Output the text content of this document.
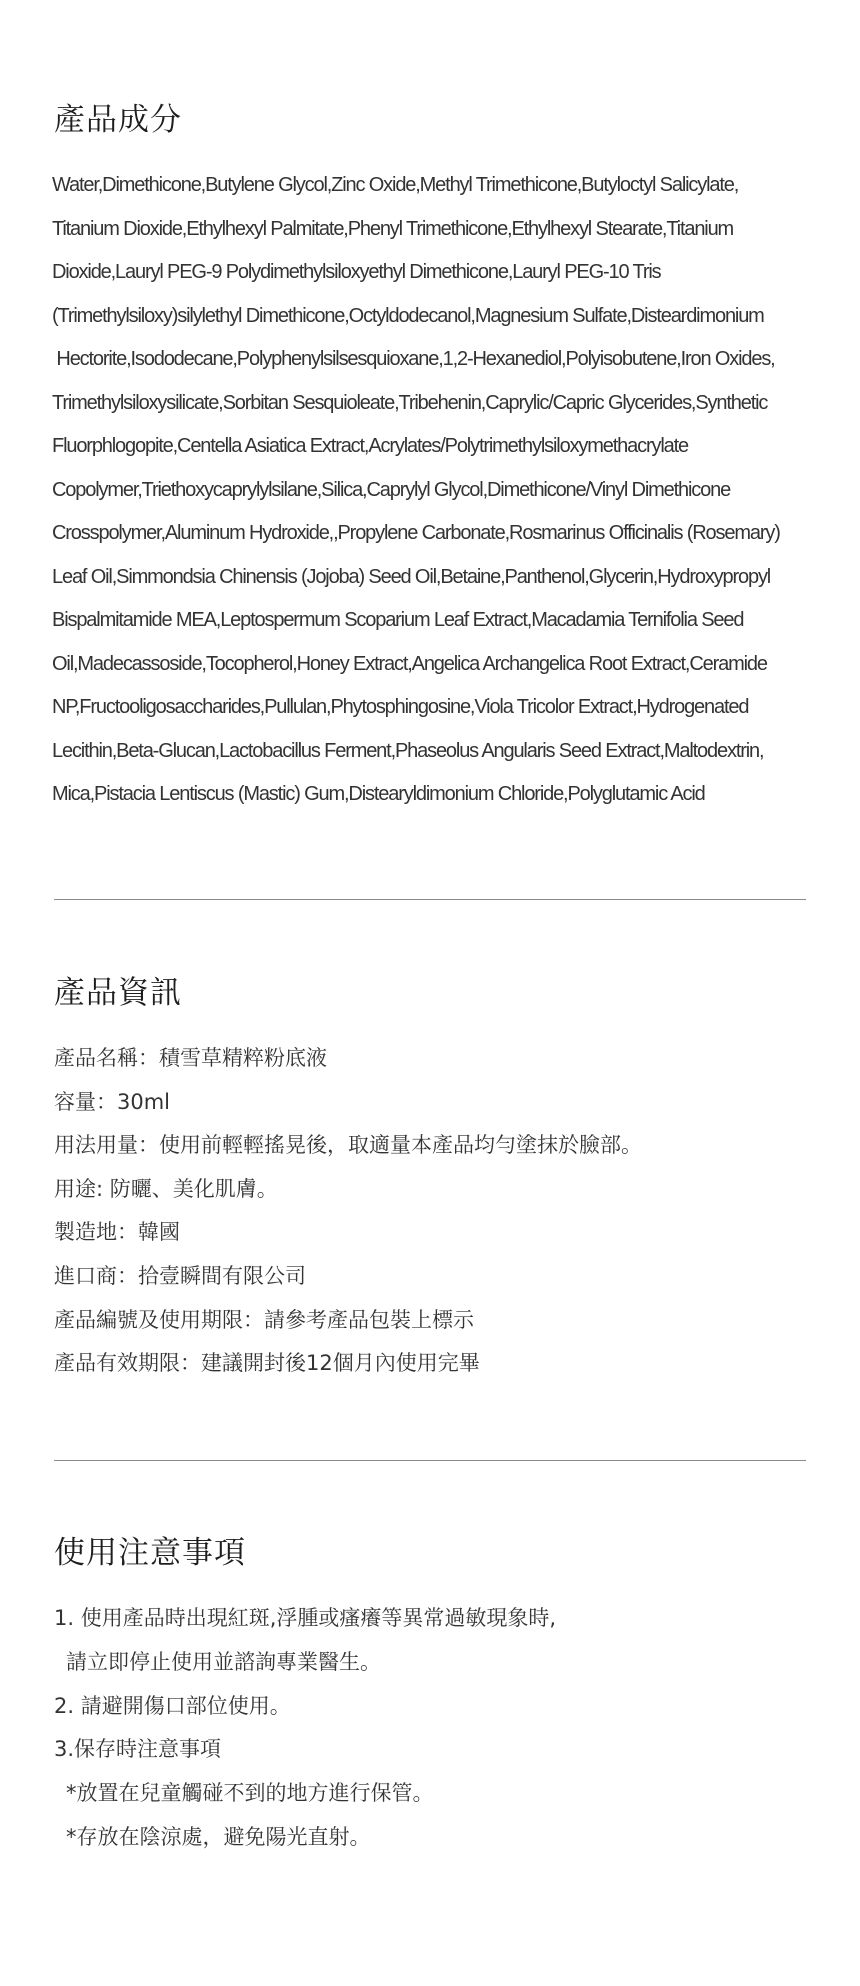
產品成分
Water,Dimethicone,Butylene Glycol,Zinc Oxide,Methyl Trimethicone,Butyloctyl Salicylate,
Titanium Dioxide,Ethylhexyl Palmitate,Phenyl Trimethicone,Ethylhexyl Stearate,Titanium
Dioxide,Lauryl PEG-9 Polydimethylsiloxyethyl Dimethicone,Lauryl PEG-10 Tris
(Trimethylsiloxy)silylethyl Dimethicone,Octyldodecanol,Magnesium Sulfate,Disteardimonium
Hectorite,Isododecane,Polyphenylsilsesquioxane,1,2-Hexanediol,Polyisobutene,Iron Oxides,
Trimethylsiloxysilicate,Sorbitan Sesquioleate,Tribehenin,Caprylic/Capric Glycerides,Synthetic
Fluorphlogopite,Centella Asiatica Extract,Acrylates/Polytrimethylsiloxymethacrylate
Copolymer,Triethoxycaprylylsilane,Silica,Caprylyl Glycol,Dimethicone/Vinyl Dimethicone
Crosspolymer,Aluminum Hydroxide,,Propylene Carbonate,Rosmarinus Officinalis (Rosemary)
Leaf Oil,Simmondsia Chinensis (Jojoba) Seed Oil,Betaine,Panthenol,Glycerin,Hydroxypropyl
Bispalmitamide MEA,Leptospermum Scoparium Leaf Extract,Macadamia Ternifolia Seed
Oil,Madecassoside,Tocopherol,Honey Extract,Angelica Archangelica Root Extract,Ceramide
NP,Fructooligosaccharides,Pullulan,Phytosphingosine,Viola Tricolor Extract,Hydrogenated
Lecithin,Beta-Glucan,Lactobacillus Ferment,Phaseolus Angularis Seed Extract,Maltodextrin,
Mica,Pistacia Lentiscus (Mastic) Gum,Distearyldimonium Chloride,Polyglutamic Acid
產品資訊
產品名稱：積雪草精粹粉底液
容量：30ml
用法用量：使用前輕輕搖晃後，取適量本產品均勻塗抹於臉部。
用途: 防曬、美化肌膚。
製造地：韓國
進口商：拾壹瞬間有限公司
產品編號及使用期限：請參考產品包裝上標示
產品有效期限：建議開封後12個月內使用完畢
使用注意事項
1. 使用產品時出現紅斑,浮腫或瘙癢等異常過敏現象時,
請立即停止使用並諮詢專業醫生。
2. 請避開傷口部位使用。
3.保存時注意事項
*放置在兒童觸碰不到的地方進行保管。
*存放在陰涼處，避免陽光直射。
